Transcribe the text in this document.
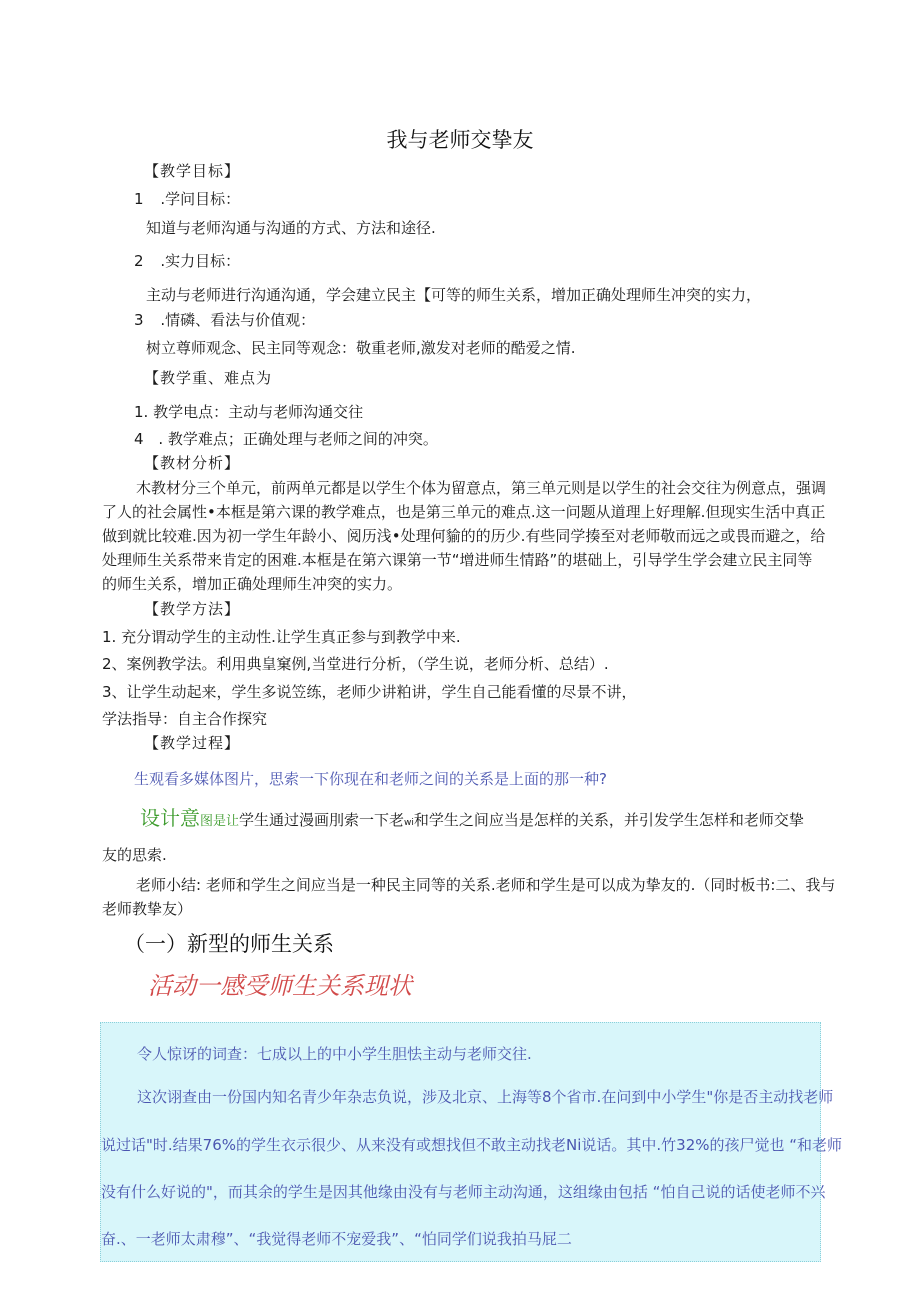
我与老师交挚友
【教学目标】
1 .学问目标：
知道与老师沟通与沟通的方式、方法和途径.
2 .实力目标：
主动与老师进行沟通沟通，学会建立民主【可等的师生关系，增加正确处理师生冲突的实力，
3 .情磷、看法与价值观：
树立尊师观念、民主同等观念：敬重老师,激发对老师的酷爱之情.
【教学重、难点为
1. 教学电点：主动与老师沟通交往
4 . 教学难点；正确处理与老师之间的冲突。
【教材分析】
木教材分三个单元，前两单元都是以学生个体为留意点，第三单元则是以学生的社会交往为例意点，强调
了人的社会属性•本框是第六课的教学难点，也是第三单元的难点.这一问题从道理上好理解.但现实生活中真正
做到就比较难.因为初一学生年龄小、阅历浅•处理何貐的的历少.有些同学揍至对老师敬而远之或畏而避之，给
处理师生关系带来肯定的困难.本框是在第六课第一节“增进师生情路”的堪础上，引导学生学会建立民主同等
的师生关系，增加正确处理师生冲突的实力。
【教学方法】
1. 充分谓动学生的主动性.让学生真正参与到教学中来.
2、案例教学法。利用典皇窠例,当堂进行分析，（学生说，老师分析、总结）.
3、让学生动起来，学生多说笠练，老师少讲粕讲，学生自己能看懂的尽景不讲，
学法指导：自主合作探究
【教学过程】
生观看多媒体图片，思索一下你现在和老师之间的关系是上面的那一种?
设计意图是让学生通过漫画刖索一下老wi和学生之间应当是怎样的关系，并引发学生怎样和老师交挚
友的思索.
老师小结: 老师和学生之间应当是一种民主同等的关系.老师和学生是可以成为挚友的.（同时板书:二、我与
老师教挚友）
（一）新型的师生关系
活动一感受师生关系现状
令人惊讶的词查：七成以上的中小学生胆怯主动与老师交往.
这次诩查由一份国内知名青少年杂志负说，涉及北京、上海等8个省市.在问到中小学生"你是否主动找老师
说过话"时.结果76%的学生衣示很少、从来没有或想找但不敢主动找老Ni说话。其中.竹32%的孩尸觉也 “和老师
没有什么好说的"，而其余的学生是因其他缘由没有与老师主动沟通，这组缘由包括 “怕自己说的话使老师不兴
奋.、一老师太肃穆”、“我觉得老师不宠爱我”、“怕同学们说我拍马屁二
